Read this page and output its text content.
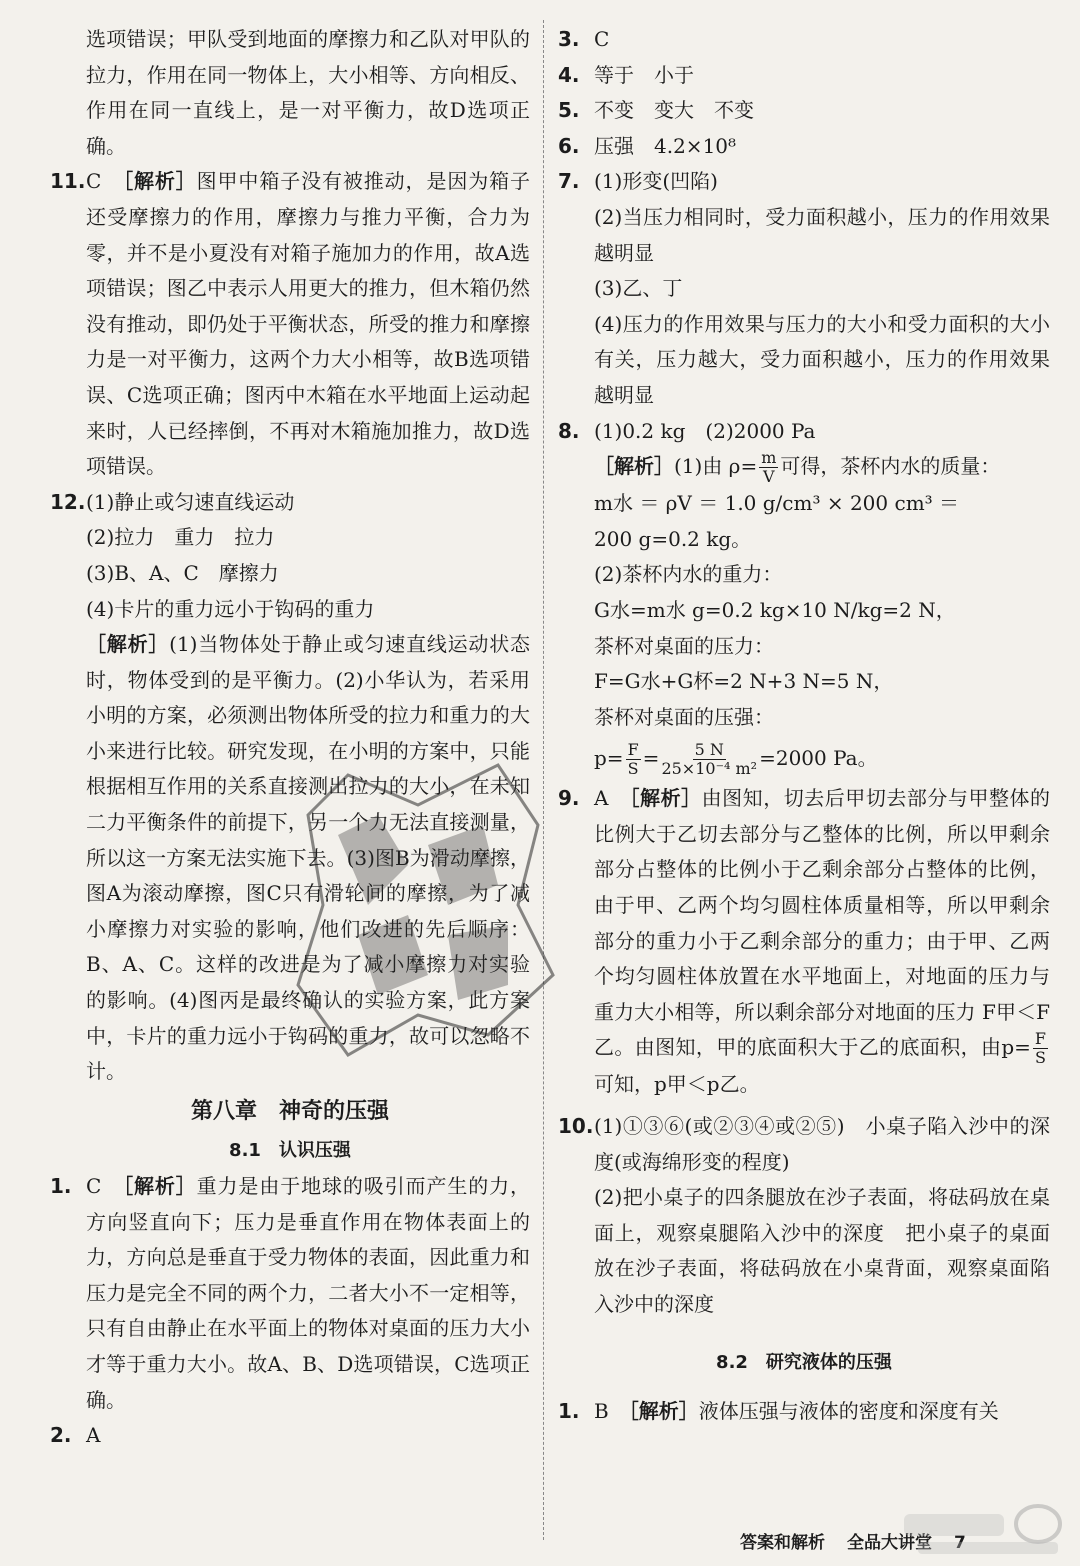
选项错误；甲队受到地面的摩擦力和乙队对甲队的拉力，作用在同一物体上，大小相等、方向相反、作用在同一直线上，是一对平衡力，故D选项正确。

11. C　 ［解析］图甲中箱子没有被推动，是因为箱子还受摩擦力的作用，摩擦力与推力平衡，合力为零，并不是小夏没有对箱子施加力的作用，故A选项错误；图乙中表示人用更大的推力，但木箱仍然没有推动，即仍处于平衡状态，所受的推力和摩擦力是一对平衡力，这两个力大小相等，故B选项错误、C选项正确；图丙中木箱在水平地面上运动起来时，人已经摔倒，不再对木箱施加推力，故D选项错误。

12. (1)静止或匀速直线运动

(2)拉力　重力　拉力

(3)B、A、C　摩擦力

(4)卡片的重力远小于钩码的重力

［解析］(1)当物体处于静止或匀速直线运动状态时，物体受到的是平衡力。(2)小华认为，若采用小明的方案，必须测出物体所受的拉力和重力的大小来进行比较。研究发现，在小明的方案中，只能根据相互作用的关系直接测出拉力的大小，在未知二力平衡条件的前提下，另一个力无法直接测量，所以这一方案无法实施下去。(3)图B为滑动摩擦，图A为滚动摩擦，图C只有滑轮间的摩擦，为了减小摩擦力对实验的影响，他们改进的先后顺序：B、A、C。这样的改进是为了减小摩擦力对实验的影响。(4)图丙是最终确认的实验方案，此方案中，卡片的重力远小于钩码的重力，故可以忽略不计。

第八章　神奇的压强
8.1　认识压强
1. C　 ［解析］重力是由于地球的吸引而产生的力，方向竖直向下；压力是垂直作用在物体表面上的力，方向总是垂直于受力物体的表面，因此重力和压力是完全不同的两个力，二者大小不一定相等，只有自由静止在水平面上的物体对桌面的压力大小才等于重力大小。故A、B、D选项错误，C选项正确。

2. A

3. C

4. 等于　小于

5. 不变　变大　不变

6. 压强　4.2×10⁸

7. (1)形变(凹陷)

(2)当压力相同时，受力面积越小，压力的作用效果越明显

(3)乙、丁

(4)压力的作用效果与压力的大小和受力面积的大小有关，压力越大，受力面积越小，压力的作用效果越明显

8. (1)0.2 kg　(2)2000 Pa

［解析］(1)由 $\rho= \frac{m}{V}$ 可得，茶杯内水的质量：

m水 ＝ ρV ＝ 1.0 g/cm³ × 200 cm³ ＝

200 g=0.2 kg。

(2)茶杯内水的重力：

G水=m水 g=0.2 kg×10 N/kg=2 N，

茶杯对桌面的压力：

F=G水+G杯=2 N+3 N=5 N，

茶杯对桌面的压强：

$p= \frac{F}{S} = \frac{5 N}{\text{25×10⁻⁴ m²}} =2000$ Pa。

9. A　 ［解析］由图知，切去后甲切去部分与甲整体的比例大于乙切去部分与乙整体的比例，所以甲剩余部分占整体的比例小于乙剩余部分占整体的比例，由于甲、乙两个均匀圆柱体质量相等，所以甲剩余部分的重力小于乙剩余部分的重力；由于甲、乙两个均匀圆柱体放置在水平地面上，对地面的压力与重力大小相等，所以剩余部分对地面的压力 F甲＜F乙。由图知，甲的底面积大于乙的底面积，由$p= \frac{F}{S}$
可知，p甲＜p乙。

10. (1)①③⑥(或②③④或②⑤)　小桌子陷入沙中的深度(或海绵形变的程度)

(2)把小桌子的四条腿放在沙子表面，将砝码放在桌面上，观察桌腿陷入沙中的深度　把小桌子的桌面放在沙子表面，将砝码放在小桌背面，观察桌面陷入沙中的深度

8.2　研究液体的压强
1. B　 ［解析］液体压强与液体的密度和深度有关

答案和解析 全品大讲堂 7
